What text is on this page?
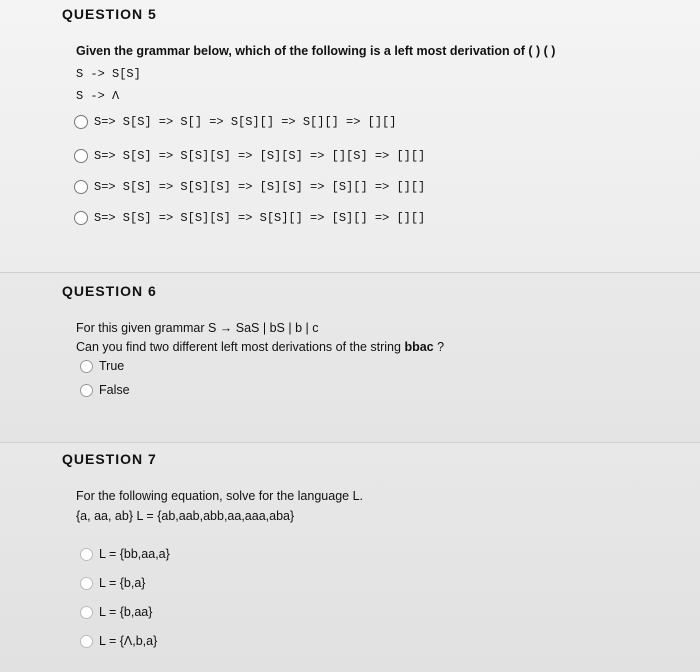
QUESTION 5
Given the grammar below, which of the following is a left most derivation of ( ) ( )
S -> S[S]
S -> Λ
S=> S[S] => S[] => S[S][] => S[][] => [][]
S=> S[S] => S[S][S] => [S][S] => [][S] => [][]
S=> S[S] => S[S][S] => [S][S] => [S][] => [][]
S=> S[S] => S[S][S] => S[S][] => [S][] => [][]
QUESTION 6
For this given grammar S → SaS | bS | b | c
Can you find two different left most derivations of the string bbac ?
True
False
QUESTION 7
For the following equation, solve for the language L.
{a, aa, ab} L = {ab,aab,abb,aa,aaa,aba}
L = {bb,aa,a}
L = {b,a}
L = {b,aa}
L = {Λ,b,a}
